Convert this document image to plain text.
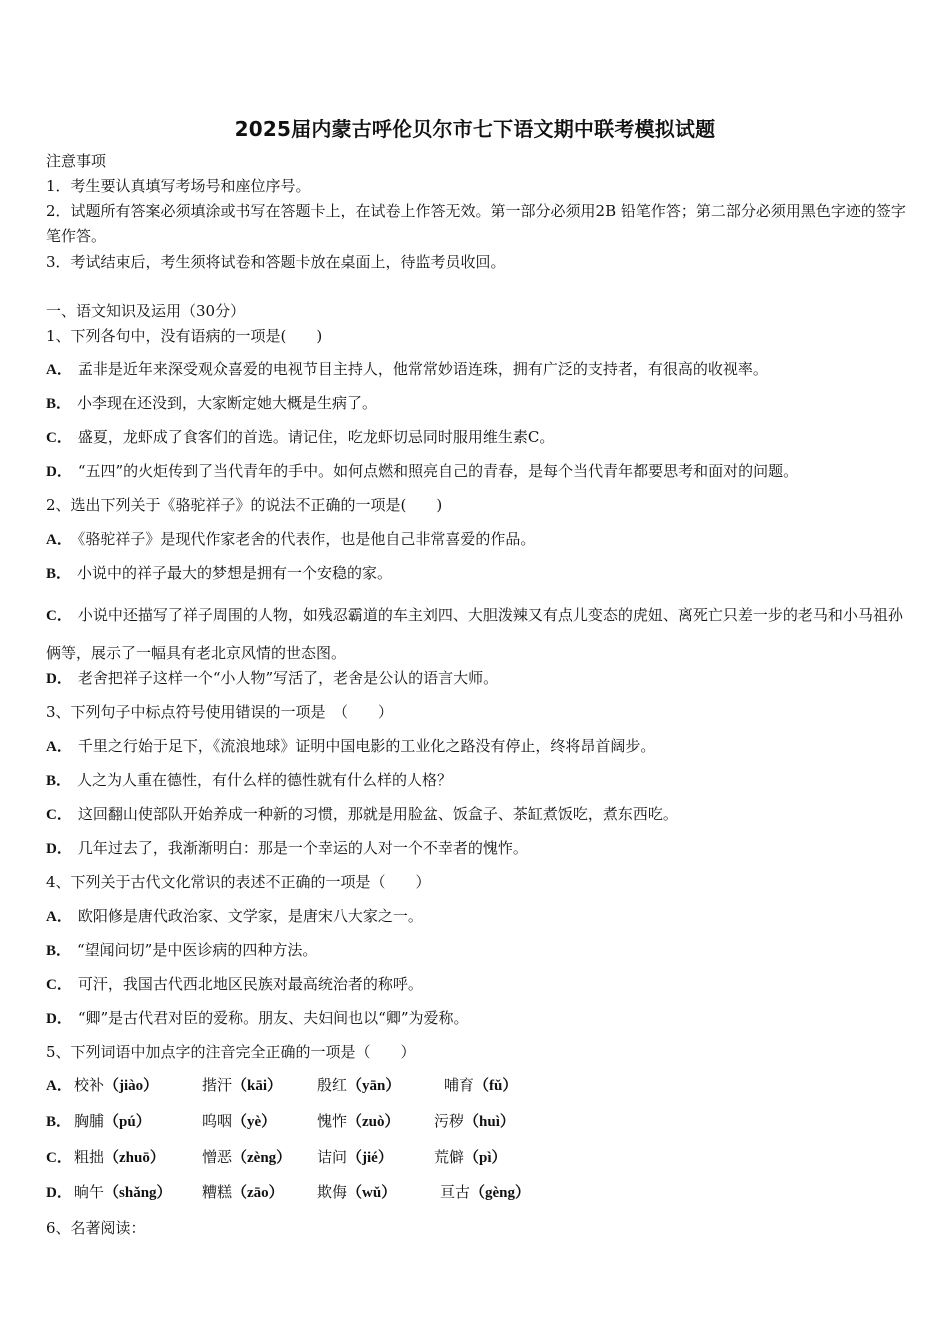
2025届内蒙古呼伦贝尔市七下语文期中联考模拟试题
注意事项
1．考生要认真填写考场号和座位序号。
2．试题所有答案必须填涂或书写在答题卡上，在试卷上作答无效。第一部分必须用2B 铅笔作答；第二部分必须用黑色字迹的签字笔作答。
3．考试结束后，考生须将试卷和答题卡放在桌面上，待监考员收回。
一、语文知识及运用（30分）
1、下列各句中，没有语病的一项是(　　)
A． 孟非是近年来深受观众喜爱的电视节目主持人，他常常妙语连珠，拥有广泛的支持者，有很高的收视率。
B． 小李现在还没到，大家断定她大概是生病了。
C． 盛夏，龙虾成了食客们的首选。请记住，吃龙虾切忌同时服用维生素C。
D． “五四”的火炬传到了当代青年的手中。如何点燃和照亮自己的青春，是每个当代青年都要思考和面对的问题。
2、选出下列关于《骆驼祥子》的说法不正确的一项是(　　)
A． 《骆驼祥子》是现代作家老舍的代表作，也是他自己非常喜爱的作品。
B． 小说中的祥子最大的梦想是拥有一个安稳的家。
C． 小说中还描写了祥子周围的人物，如残忍霸道的车主刘四、大胆泼辣又有点儿变态的虎妞、离死亡只差一步的老马和小马祖孙俩等，展示了一幅具有老北京风情的世态图。
D． 老舍把祥子这样一个“小人物”写活了，老舍是公认的语言大师。
3、下列句子中标点符号使用错误的一项是　（　　）
A． 千里之行始于足下，《流浪地球》证明中国电影的工业化之路没有停止，终将昂首阔步。
B． 人之为人重在德性，有什么样的德性就有什么样的人格？
C． 这回翻山使部队开始养成一种新的习惯，那就是用脸盆、饭盒子、茶缸煮饭吃，煮东西吃。
D． 几年过去了，我渐渐明白：那是一个幸运的人对一个不幸者的愧怍。
4、下列关于古代文化常识的表述不正确的一项是（　　）
A． 欧阳修是唐代政治家、文学家，是唐宋八大家之一。
B． “望闻问切”是中医诊病的四种方法。
C． 可汗，我国古代西北地区民族对最高统治者的称呼。
D． “卿”是古代君对臣的爱称。朋友、夫妇间也以“卿”为爱称。
5、下列词语中加点字的注音完全正确的一项是（　　）
A． 校补（jiào）	揩汗（kāi） 殷红（yān）	哺育（fǔ）
B． 胸脯（pú）	呜咽（yè）	愧怍（zuò） 污秽（huì）
C． 粗拙（zhuō） 憎恶（zèng） 诘问（jié）	荒僻（pì）
D． 晌午（shǎng） 糟糕（zāo） 欺侮（wǔ）	亘古（gèng）
6、名著阅读：
